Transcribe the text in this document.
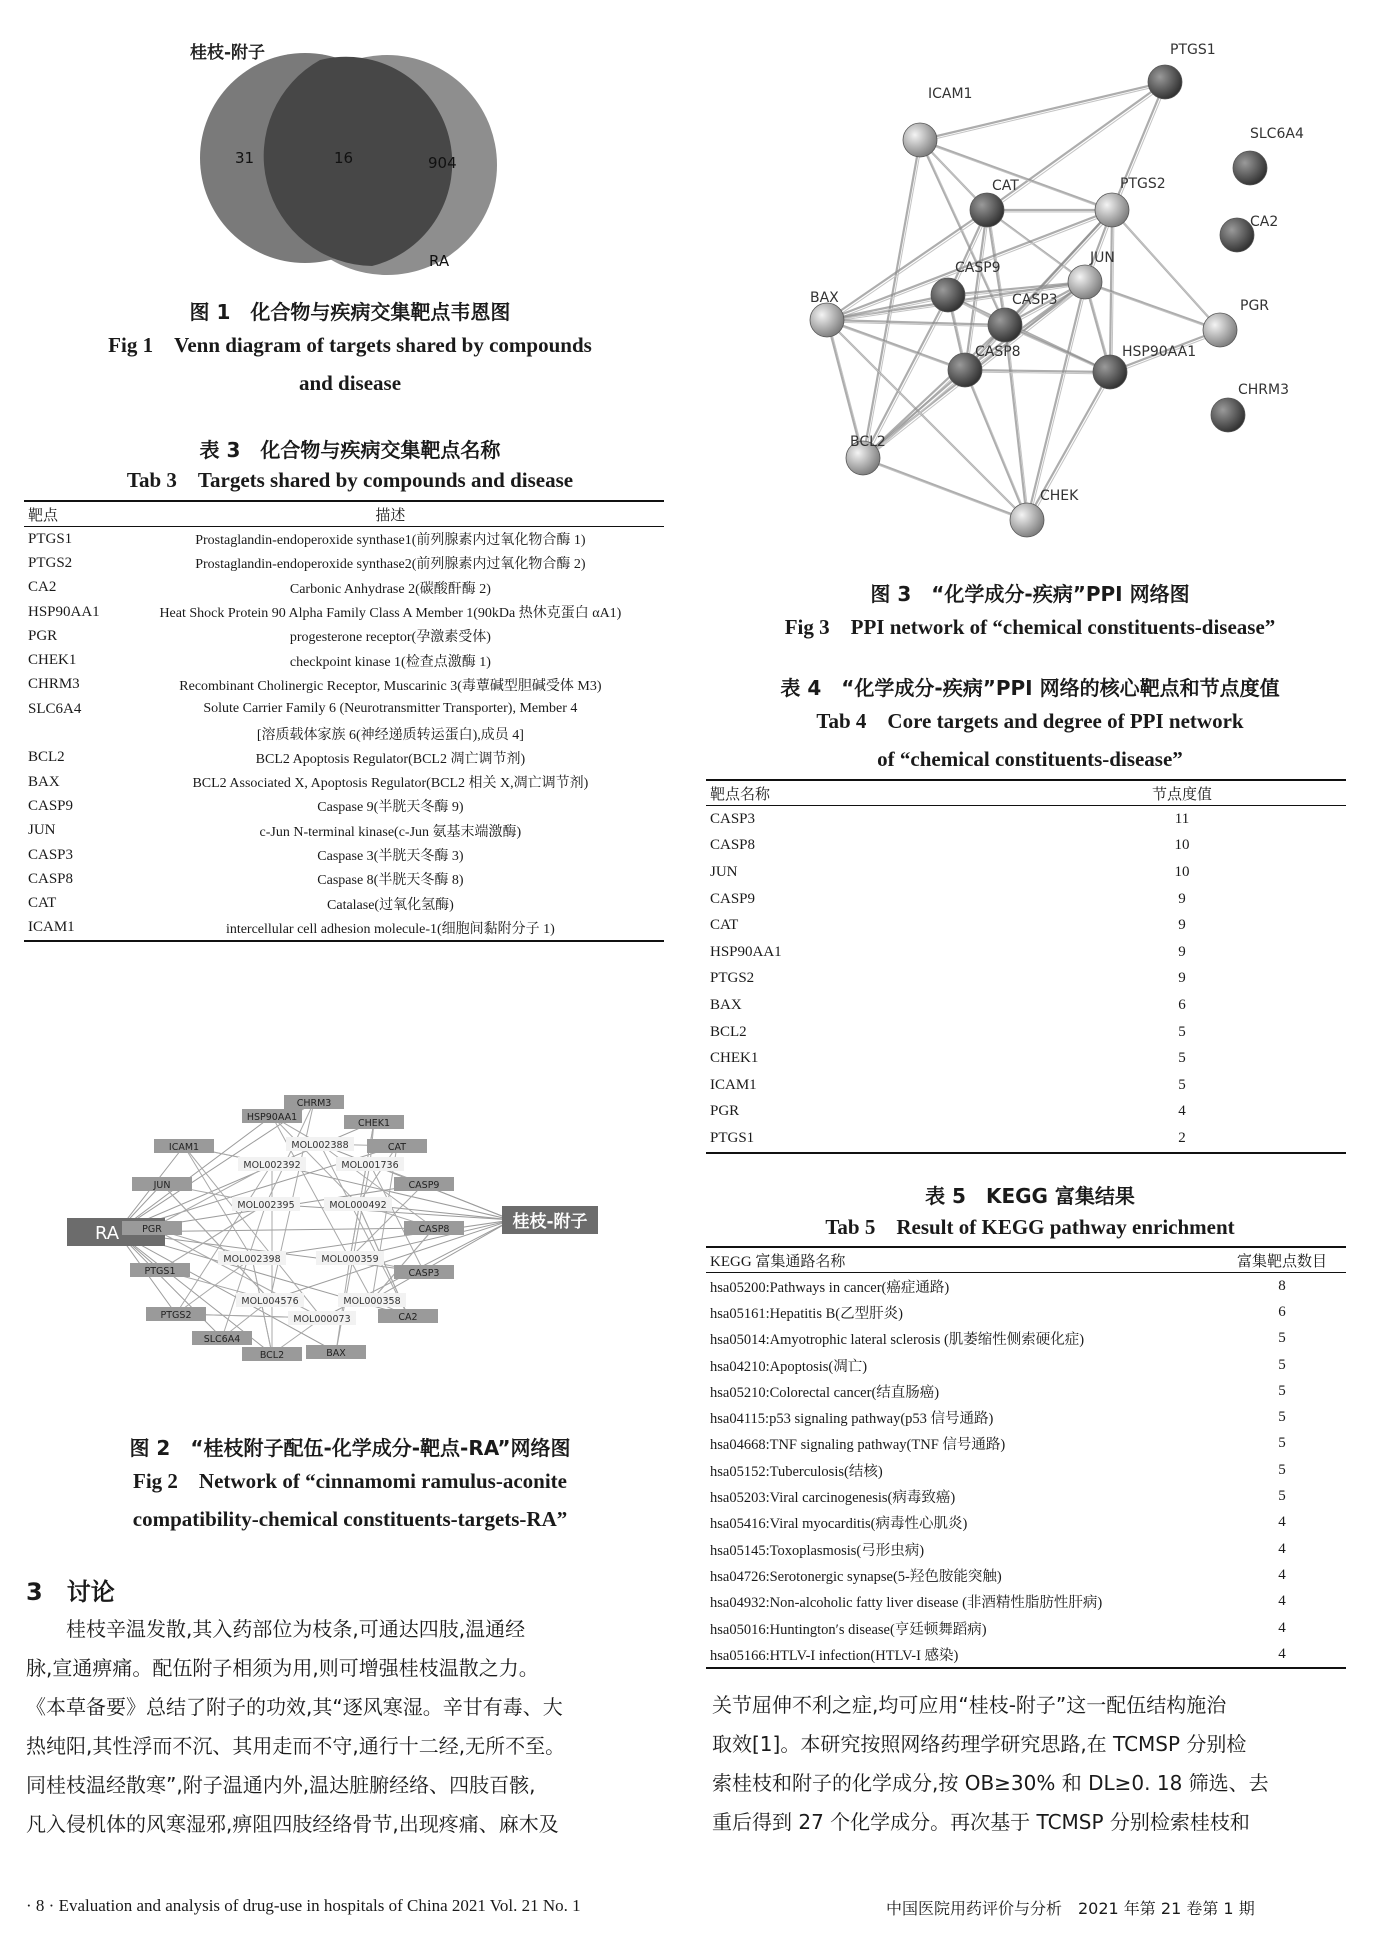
桂枝-附子
31	16	904
RA
图 1　化合物与疾病交集靶点韦恩图
Fig 1　Venn diagram of targets shared by compounds
and disease
表 3　化合物与疾病交集靶点名称
Tab 3　Targets shared by compounds and disease
靶点	描述
PTGS1	Prostaglandin-endoperoxide synthase1(前列腺素内过氧化物合酶 1)
PTGS2	Prostaglandin-endoperoxide synthase2(前列腺素内过氧化物合酶 2)
CA2	Carbonic Anhydrase 2(碳酸酐酶 2)
HSP90AA1	Heat Shock Protein 90 Alpha Family Class A Member 1(90kDa 热休克蛋白 αA1)
PGR	progesterone receptor(孕激素受体)
CHEK1	checkpoint kinase 1(检查点激酶 1)
CHRM3	Recombinant Cholinergic Receptor, Muscarinic 3(毒蕈碱型胆碱受体 M3)
SLC6A4	Solute Carrier Family 6 (Neurotransmitter Transporter), Member 4
	[溶质载体家族 6(神经递质转运蛋白),成员 4]
BCL2	BCL2 Apoptosis Regulator(BCL2 凋亡调节剂)
BAX	BCL2 Associated X, Apoptosis Regulator(BCL2 相关 X,凋亡调节剂)
CASP9	Caspase 9(半胱天冬酶 9)
JUN	c-Jun N-terminal kinase(c-Jun 氨基末端激酶)
CASP3	Caspase 3(半胱天冬酶 3)
CASP8	Caspase 8(半胱天冬酶 8)
CAT	Catalase(过氧化氢酶)
ICAM1	intercellular cell adhesion molecule-1(细胞间黏附分子 1)
RA
桂枝-附子
HSP90AA1
CHRM3
CHEK1
ICAM1	CAT
JUN	CASP9
PGR	CASP8
PTGS1	CASP3
PTGS2	CA2
SLC6A4
BAX
BCL2
MOL002388
MOL002392	MOL001736
MOL002395	MOL000492
MOL002398	MOL000359
MOL004576	MOL000358
MOL000073
图 2　“桂枝附子配伍-化学成分-靶点-RA”网络图
Fig 2　Network of “cinnamomi ramulus-aconite
compatibility-chemical constituents-targets-RA”
3　讨论
　　桂枝辛温发散,其入药部位为枝条,可通达四肢,温通经
脉,宣通痹痛。配伍附子相须为用,则可增强桂枝温散之力。
《本草备要》总结了附子的功效,其“逐风寒湿。辛甘有毒、大
热纯阳,其性浮而不沉、其用走而不守,通行十二经,无所不至。
同桂枝温经散寒”,附子温通内外,温达脏腑经络、四肢百骸,
凡入侵机体的风寒湿邪,痹阻四肢经络骨节,出现疼痛、麻木及
PTGS1
ICAM1
SLC6A4
CAT	PTGS2
CA2
JUN
CASP9
BAX	CASP3	PGR
CASP8	HSP90AA1
BCL2
CHRM3
CHEK
图 3　“化学成分-疾病”PPI 网络图
Fig 3　PPI network of “chemical constituents-disease”
表 4　“化学成分-疾病”PPI 网络的核心靶点和节点度值
Tab 4　Core targets and degree of PPI network
of “chemical constituents-disease”
靶点名称	节点度值
CASP3	11
CASP8	10
JUN	10
CASP9	9
CAT	9
HSP90AA1	9
PTGS2	9
BAX	6
BCL2	5
CHEK1	5
ICAM1	5
PGR	4
PTGS1	2
表 5　KEGG 富集结果
Tab 5　Result of KEGG pathway enrichment
KEGG 富集通路名称	富集靶点数目
hsa05200:Pathways in cancer(癌症通路)	8
hsa05161:Hepatitis B(乙型肝炎)	6
hsa05014:Amyotrophic lateral sclerosis (肌萎缩性侧索硬化症)	5
hsa04210:Apoptosis(凋亡)	5
hsa05210:Colorectal cancer(结直肠癌)	5
hsa04115:p53 signaling pathway(p53 信号通路)	5
hsa04668:TNF signaling pathway(TNF 信号通路)	5
hsa05152:Tuberculosis(结核)	5
hsa05203:Viral carcinogenesis(病毒致癌)	5
hsa05416:Viral myocarditis(病毒性心肌炎)	4
hsa05145:Toxoplasmosis(弓形虫病)	4
hsa04726:Serotonergic synapse(5-羟色胺能突触)	4
hsa04932:Non-alcoholic fatty liver disease (非酒精性脂肪性肝病)	4
hsa05016:Huntington′s disease(亨廷顿舞蹈病)	4
hsa05166:HTLV-I infection(HTLV-I 感染)	4
关节屈伸不利之症,均可应用“桂枝-附子”这一配伍结构施治
取效[1]。本研究按照网络药理学研究思路,在 TCMSP 分别检
索桂枝和附子的化学成分,按 OB≥30% 和 DL≥0. 18 筛选、去
重后得到 27 个化学成分。再次基于 TCMSP 分别检索桂枝和
· 8 · Evaluation and analysis of drug-use in hospitals of China 2021 Vol. 21 No. 1	中国医院用药评价与分析　2021 年第 21 卷第 1 期
